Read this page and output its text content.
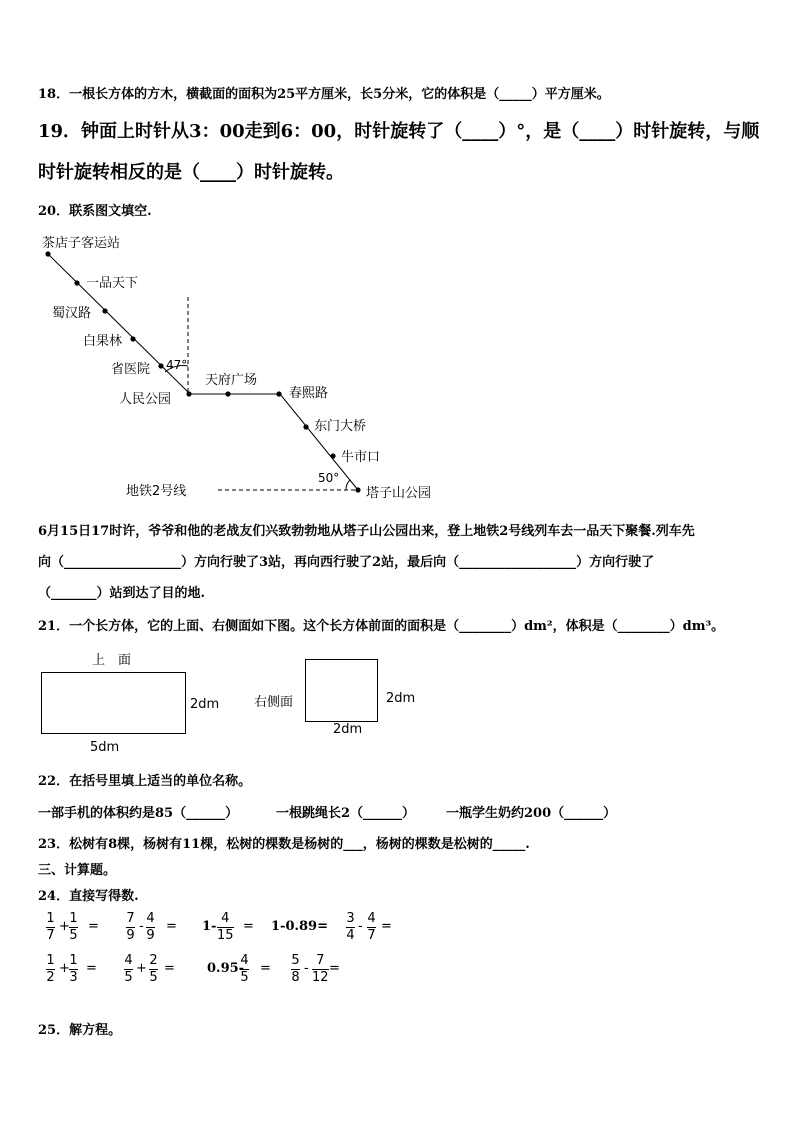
18．一根长方体的方木，横截面的面积为25平方厘米，长5分米，它的体积是（_____）平方厘米。
19．钟面上时针从3：00走到6：00，时针旋转了（____）°，是（____）时针旋转，与顺
时针旋转相反的是（____）时针旋转。
20．联系图文填空.
茶店子客运站
一品天下
蜀汉路
白果林
省医院
人民公园
天府广场
春熙路
东门大桥
牛市口
塔子山公园
47°
50°
地铁2号线
6月15日17时许，爷爷和他的老战友们兴致勃勃地从塔子山公园出来，登上地铁2号线列车去一品天下聚餐.列车先
向（__________________）方向行驶了3站，再向西行驶了2站，最后向（__________________）方向行驶了
（_______）站到达了目的地.
21．一个长方体，它的上面、右侧面如下图。这个长方体前面的面积是（________）dm²，体积是（________）dm³。
上　面
2dm
5dm
右侧面	2dm
2dm
22．在括号里填上适当的单位名称。
一部手机的体积约是85（______）	一根跳绳长2（______） 一瓶学生奶约200（______）
23．松树有8棵，杨树有11棵，松树的棵数是杨树的___，杨树的棵数是松树的_____.
三、计算题。
24．直接写得数.
1
7
+
1
5
=
7
9
-
4
9
= 1-
4
15
= 1-0.89=
3
4
-
4
7
=
1
2
+
1
3
=
4
5
+
2
5
= 0.95-
4
5
=
5
8
-
7
12
=
25．解方程。
